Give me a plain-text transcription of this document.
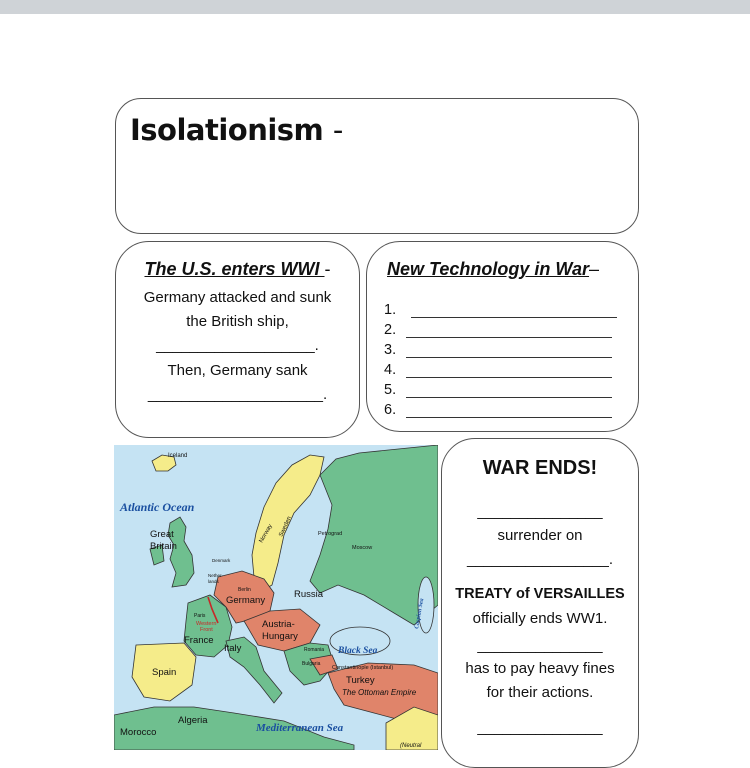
Isolationism -
The U.S. enters WWI -
Germany attacked and sunk
the British ship,
___________________.
Then, Germany sank
_____________________.
New Technology in War–
1.
2.
3.
4.
5.
6.
Iceland
Atlantic Ocean
Great
Britain
Norway Sweden	Petrograd
Moscow
Denmark
Nether-
lands
Berlin
Germany
Russia
Paris
Western
Front
France
Austria-
Hungary
Caspian Sea
Italy	Romania Black Sea
Spain
Bulgaria
Constantinople (Istanbul)
Turkey
The Ottoman Empire
Algeria
Morocco	Mediterranean Sea
(Neutral
WAR ENDS!
_______________
surrender on
_________________.
TREATY of VERSAILLES
officially ends WW1.
_______________
has to pay heavy fines
for their actions.
_______________
